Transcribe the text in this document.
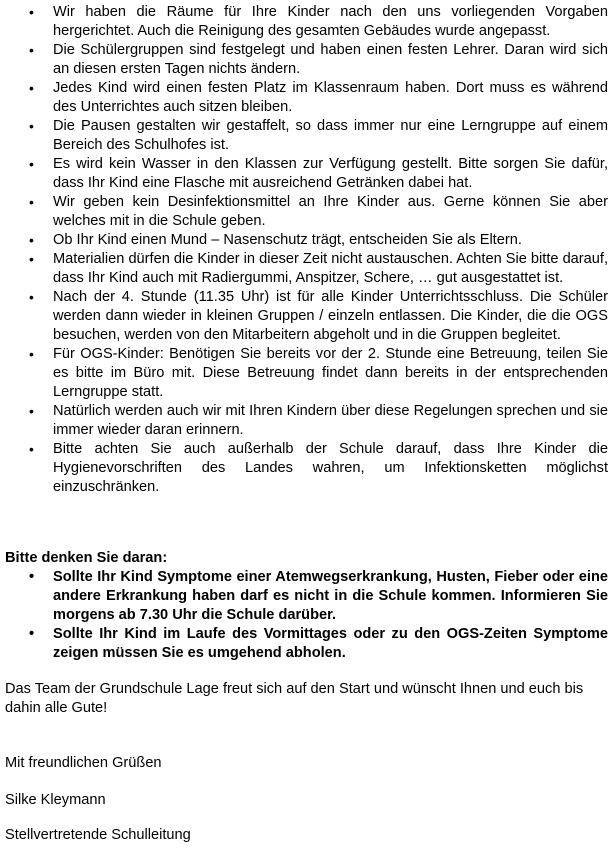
• Wir haben die Räume für Ihre Kinder nach den uns vorliegenden Vorgaben hergerichtet. Auch die Reinigung des gesamten Gebäudes wurde angepasst.
• Die Schülergruppen sind festgelegt und haben einen festen Lehrer. Daran wird sich an diesen ersten Tagen nichts ändern.
• Jedes Kind wird einen festen Platz im Klassenraum haben. Dort muss es während des Unterrichtes auch sitzen bleiben.
• Die Pausen gestalten wir gestaffelt, so dass immer nur eine Lerngruppe auf einem Bereich des Schulhofes ist.
• Es wird kein Wasser in den Klassen zur Verfügung gestellt. Bitte sorgen Sie dafür, dass Ihr Kind eine Flasche mit ausreichend Getränken dabei hat.
• Wir geben kein Desinfektionsmittel an Ihre Kinder aus. Gerne können Sie aber welches mit in die Schule geben.
• Ob Ihr Kind einen Mund – Nasenschutz trägt, entscheiden Sie als Eltern.
• Materialien dürfen die Kinder in dieser Zeit nicht austauschen. Achten Sie bitte darauf, dass Ihr Kind auch mit Radiergummi, Anspitzer, Schere, … gut ausgestattet ist.
• Nach der 4. Stunde (11.35 Uhr) ist für alle Kinder Unterrichtsschluss. Die Schüler werden dann wieder in kleinen Gruppen / einzeln entlassen. Die Kinder, die die OGS besuchen, werden von den Mitarbeitern abgeholt und in die Gruppen begleitet.
• Für OGS-Kinder: Benötigen Sie bereits vor der 2. Stunde eine Betreuung, teilen Sie es bitte im Büro mit. Diese Betreuung findet dann bereits in der entsprechenden Lerngruppe statt.
• Natürlich werden auch wir mit Ihren Kindern über diese Regelungen sprechen und sie immer wieder daran erinnern.
• Bitte achten Sie auch außerhalb der Schule darauf, dass Ihre Kinder die Hygienevorschriften des Landes wahren, um Infektionsketten möglichst einzuschränken.

Bitte denken Sie daran:

• Sollte Ihr Kind Symptome einer Atemwegserkrankung, Husten, Fieber oder eine andere Erkrankung haben darf es nicht in die Schule kommen. Informieren Sie morgens ab 7.30 Uhr die Schule darüber.
• Sollte Ihr Kind im Laufe des Vormittages oder zu den OGS-Zeiten Symptome zeigen müssen Sie es umgehend abholen.

Das Team der Grundschule Lage freut sich auf den Start und wünscht Ihnen und euch bis dahin alle Gute!

Mit freundlichen Grüßen

Silke Kleymann

Stellvertretende Schulleitung
